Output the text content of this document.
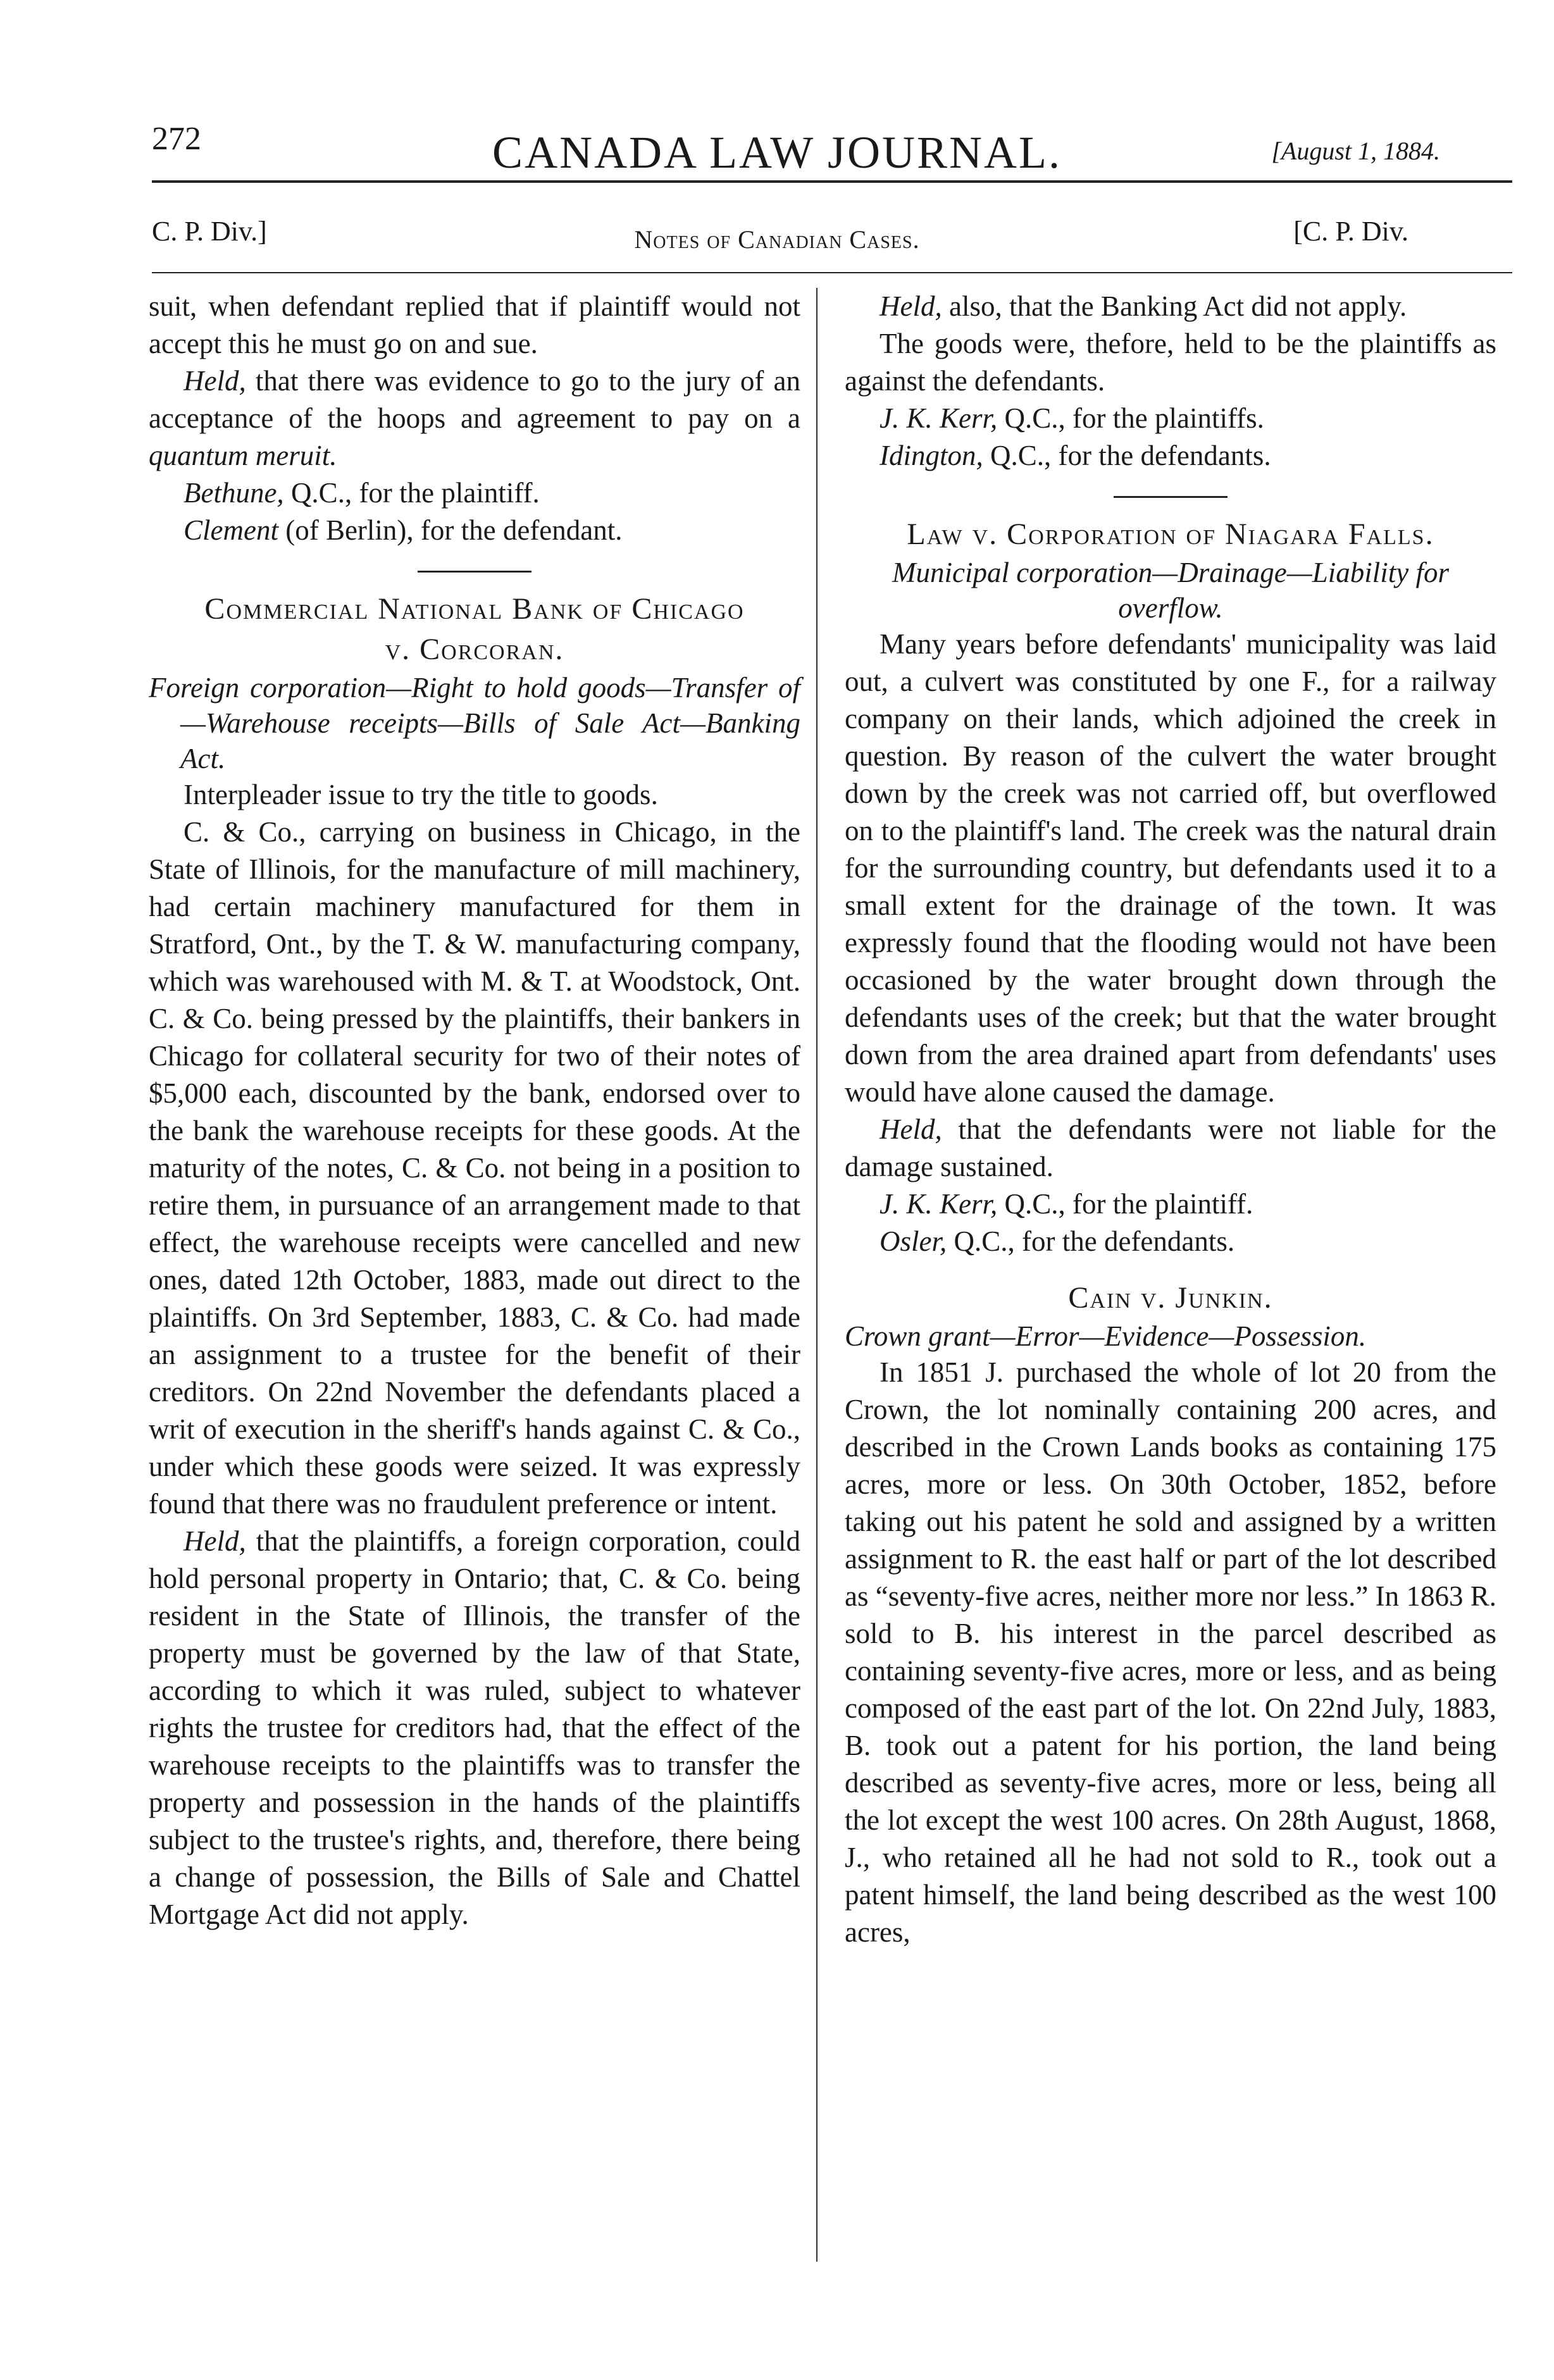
272	CANADA LAW JOURNAL.	[August 1, 1884.
C. P. Div.]	Notes of Canadian Cases.	[C. P. Div.

suit, when defendant replied that if plaintiff would not accept this he must go on and sue.

Held, that there was evidence to go to the jury of an acceptance of the hoops and agreement to pay on a quantum meruit.

Bethune, Q.C., for the plaintiff.

Clement (of Berlin), for the defendant.

Commercial National Bank of Chicago
v. Corcoran.

Foreign corporation—Right to hold goods—Transfer of—Warehouse receipts—Bills of Sale Act—Banking Act.

Interpleader issue to try the title to goods.

C. & Co., carrying on business in Chicago, in the State of Illinois, for the manufacture of mill machinery, had certain machinery manufactured for them in Stratford, Ont., by the T. & W. manufacturing company, which was warehoused with M. & T. at Woodstock, Ont. C. & Co. being pressed by the plaintiffs, their bankers in Chicago for collateral security for two of their notes of $5,000 each, discounted by the bank, endorsed over to the bank the warehouse receipts for these goods. At the maturity of the notes, C. & Co. not being in a position to retire them, in pursuance of an arrangement made to that effect, the warehouse receipts were cancelled and new ones, dated 12th October, 1883, made out direct to the plaintiffs. On 3rd September, 1883, C. & Co. had made an assignment to a trustee for the benefit of their creditors. On 22nd November the defendants placed a writ of execution in the sheriff's hands against C. & Co., under which these goods were seized. It was expressly found that there was no fraudulent preference or intent.

Held, that the plaintiffs, a foreign corporation, could hold personal property in Ontario; that, C. & Co. being resident in the State of Illinois, the transfer of the property must be governed by the law of that State, according to which it was ruled, subject to whatever rights the trustee for creditors had, that the effect of the warehouse receipts to the plaintiffs was to transfer the property and possession in the hands of the plaintiffs subject to the trustee's rights, and, therefore, there being a change of possession, the Bills of Sale and Chattel Mortgage Act did not apply.

Held, also, that the Banking Act did not apply.

The goods were, thefore, held to be the plaintiffs as against the defendants.

J. K. Kerr, Q.C., for the plaintiffs.

Idington, Q.C., for the defendants.

Law v. Corporation of Niagara Falls.

Municipal corporation—Drainage—Liability for overflow.

Many years before defendants' municipality was laid out, a culvert was constituted by one F., for a railway company on their lands, which adjoined the creek in question. By reason of the culvert the water brought down by the creek was not carried off, but overflowed on to the plaintiff's land. The creek was the natural drain for the surrounding country, but defendants used it to a small extent for the drainage of the town. It was expressly found that the flooding would not have been occasioned by the water brought down through the defendants uses of the creek; but that the water brought down from the area drained apart from defendants' uses would have alone caused the damage.

Held, that the defendants were not liable for the damage sustained.

J. K. Kerr, Q.C., for the plaintiff.

Osler, Q.C., for the defendants.

Cain v. Junkin.

Crown grant—Error—Evidence—Possession.

In 1851 J. purchased the whole of lot 20 from the Crown, the lot nominally containing 200 acres, and described in the Crown Lands books as containing 175 acres, more or less. On 30th October, 1852, before taking out his patent he sold and assigned by a written assignment to R. the east half or part of the lot described as “seventy-five acres, neither more nor less.” In 1863 R. sold to B. his interest in the parcel described as containing seventy-five acres, more or less, and as being composed of the east part of the lot. On 22nd July, 1883, B. took out a patent for his portion, the land being described as seventy-five acres, more or less, being all the lot except the west 100 acres. On 28th August, 1868, J., who retained all he had not sold to R., took out a patent himself, the land being described as the west 100 acres,
